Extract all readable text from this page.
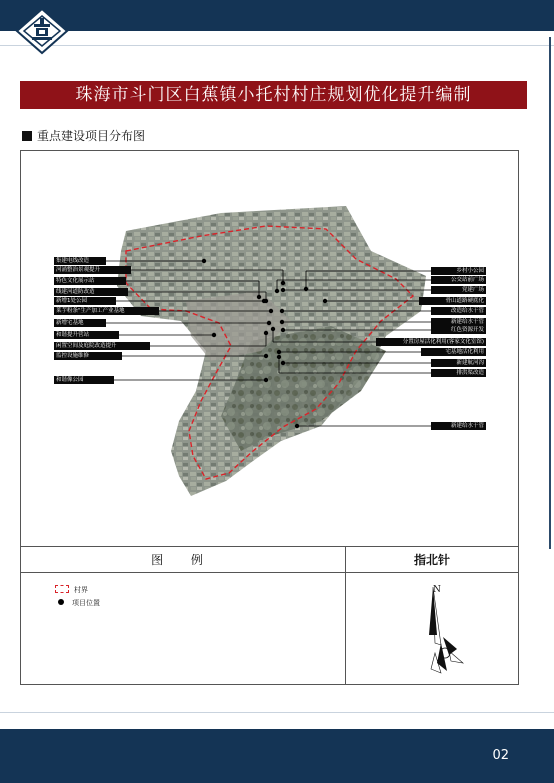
珠海市斗门区白蕉镇小托村村庄规划优化提升编制
重点建设项目分布图
集建电线改造
河涌整治景观提升
特色文化展示站
线建河道防改造
新增1处公园
莱芋粉条"生产加工产业基地
新增宅基地
和谐提升营站
闲置空间及庭院改造提升
监控设施维修
和谐像公园
乡村小公园
公交站前广场
党建广场
骨山道路硬底化
改造给水干管
新建给水干管
红色资源开发
分置房屋活化利用(客家文化室馆)
宅基地活化利用
新建航河沟
排洪渠改造
新建给水干管
图 例	指北针
村界
项目位置
N
02
